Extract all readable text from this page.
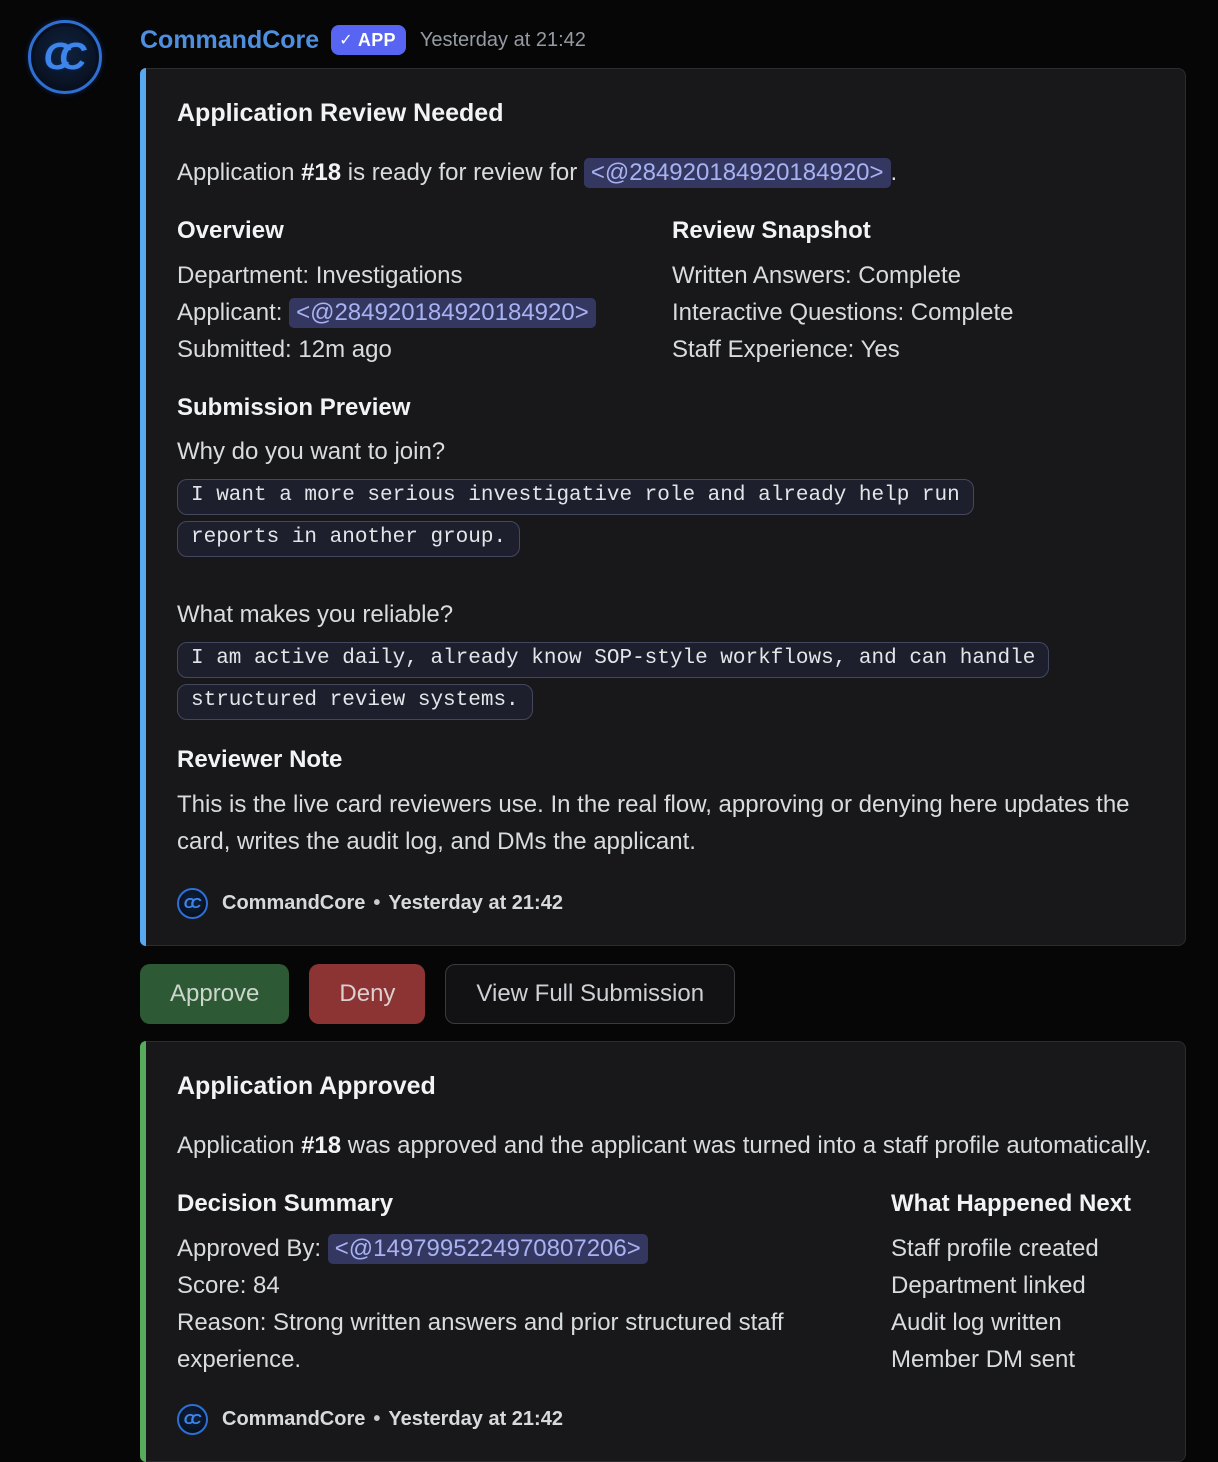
CC	CommandCore ✓ APP Yesterday at 21:42
Application Review Needed
Application #18 is ready for review for <@284920184920184920> .
Overview
Department: Investigations
Applicant: <@284920184920184920>
Submitted: 12m ago
Review Snapshot
Written Answers: Complete
Interactive Questions: Complete
Staff Experience: Yes
Submission Preview
Why do you want to join?
I want a more serious investigative role and already help run
reports in another group.
What makes you reliable?
I am active daily, already know SOP-style workflows, and can handle
structured review systems.
Reviewer Note
This is the live card reviewers use. In the real flow, approving or denying here updates the card, writes the audit log, and DMs the applicant.
CC CommandCore • Yesterday at 21:42
Approve	Deny	View Full Submission
Application Approved
Application #18 was approved and the applicant was turned into a staff profile automatically.
Decision Summary
Approved By: <@1497995224970807206>
Score: 84
Reason: Strong written answers and prior structured staff experience.
What Happened Next
Staff profile created
Department linked
Audit log written
Member DM sent
CC CommandCore • Yesterday at 21:42
